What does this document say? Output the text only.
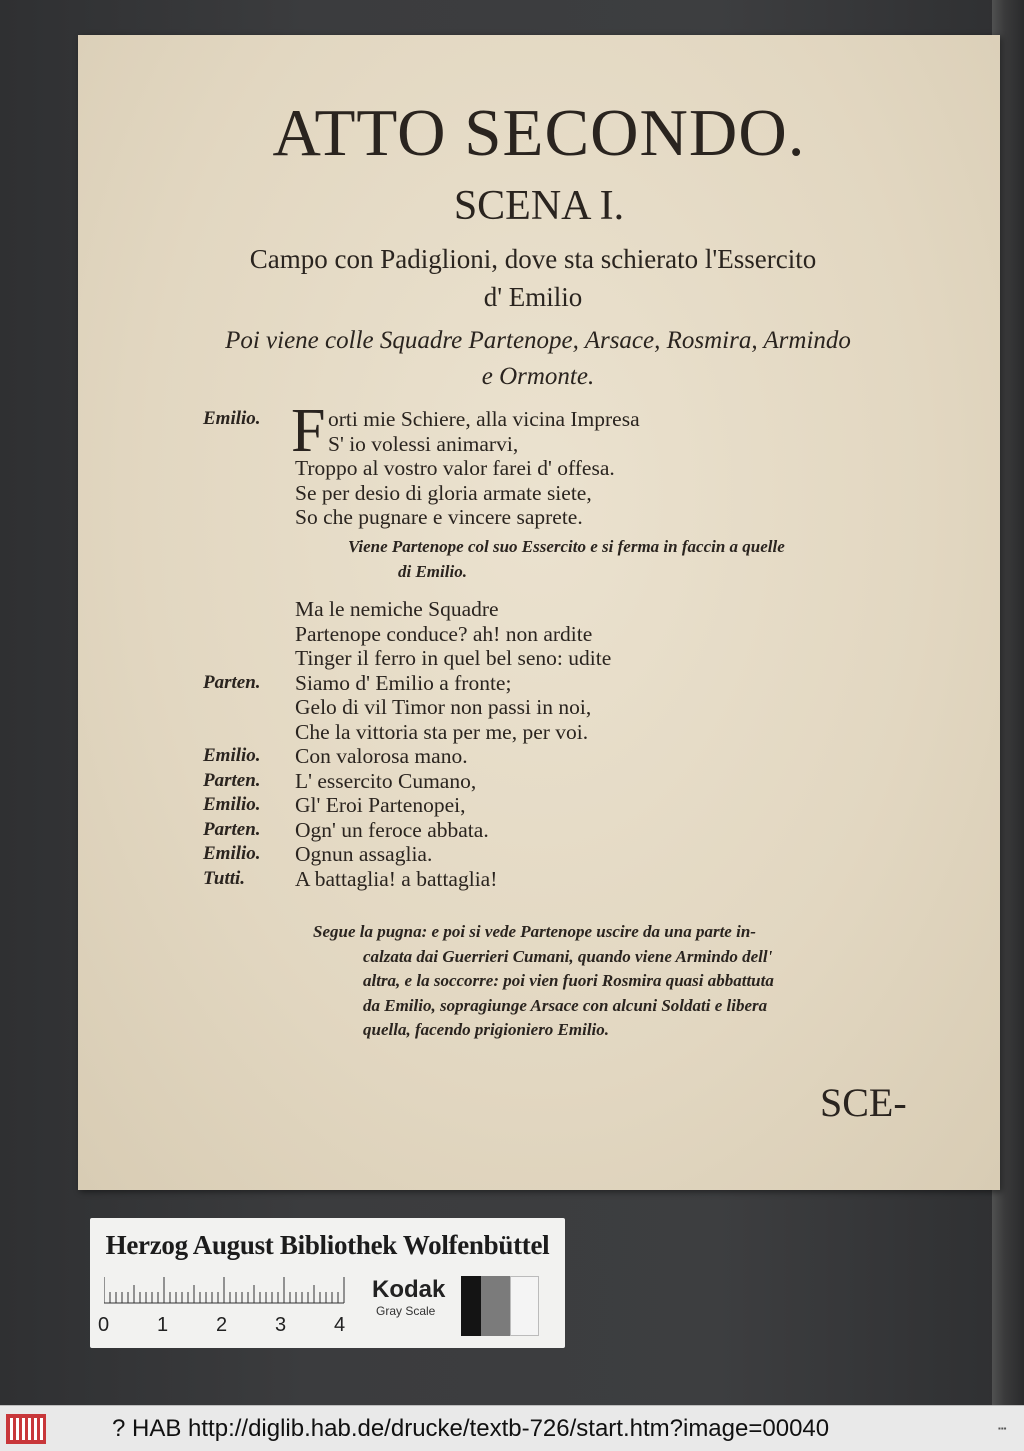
ATTO SECONDO.
SCENA I.
Campo con Padiglioni, dove sta schierato l'Essercito
d' Emilio
Poi viene colle Squadre Partenope, Arsace, Rosmira, Armindo
e Ormonte.
F
Emilio.	orti mie Schiere, alla vicina Impresa
S' io volessi animarvi,
Troppo al vostro valor farei d' offesa.
Se per desio di gloria armate siete,
So che pugnare e vincere saprete.
Viene Partenope col suo Essercito e si ferma in faccin a quelle
di Emilio.
Ma le nemiche Squadre
Partenope conduce? ah! non ardite
Tinger il ferro in quel bel seno: udite
Parten.	Siamo d' Emilio a fronte;
Gelo di vil Timor non passi in noi,
Che la vittoria sta per me, per voi.
Emilio.	Con valorosa mano.
Parten.	L' essercito Cumano,
Emilio.	Gl' Eroi Partenopei,
Parten.	Ogn' un feroce abbata.
Emilio.	Ognun assaglia.
Tutti.	A battaglia! a battaglia!
Segue la pugna: e poi si vede Partenope uscire da una parte in-
calzata dai Guerrieri Cumani, quando viene Armindo dell'
altra, e la soccorre: poi vien fuori Rosmira quasi abbattuta
da Emilio, sopragiunge Arsace con alcuni Soldati e libera
quella, facendo prigioniero Emilio.
SCE-
Herzog August Bibliothek Wolfenbüttel
0 1 2 3 4
Kodak
Gray Scale
? HAB http://diglib.hab.de/drucke/textb-726/start.htm?image=00040	▪▪▪
